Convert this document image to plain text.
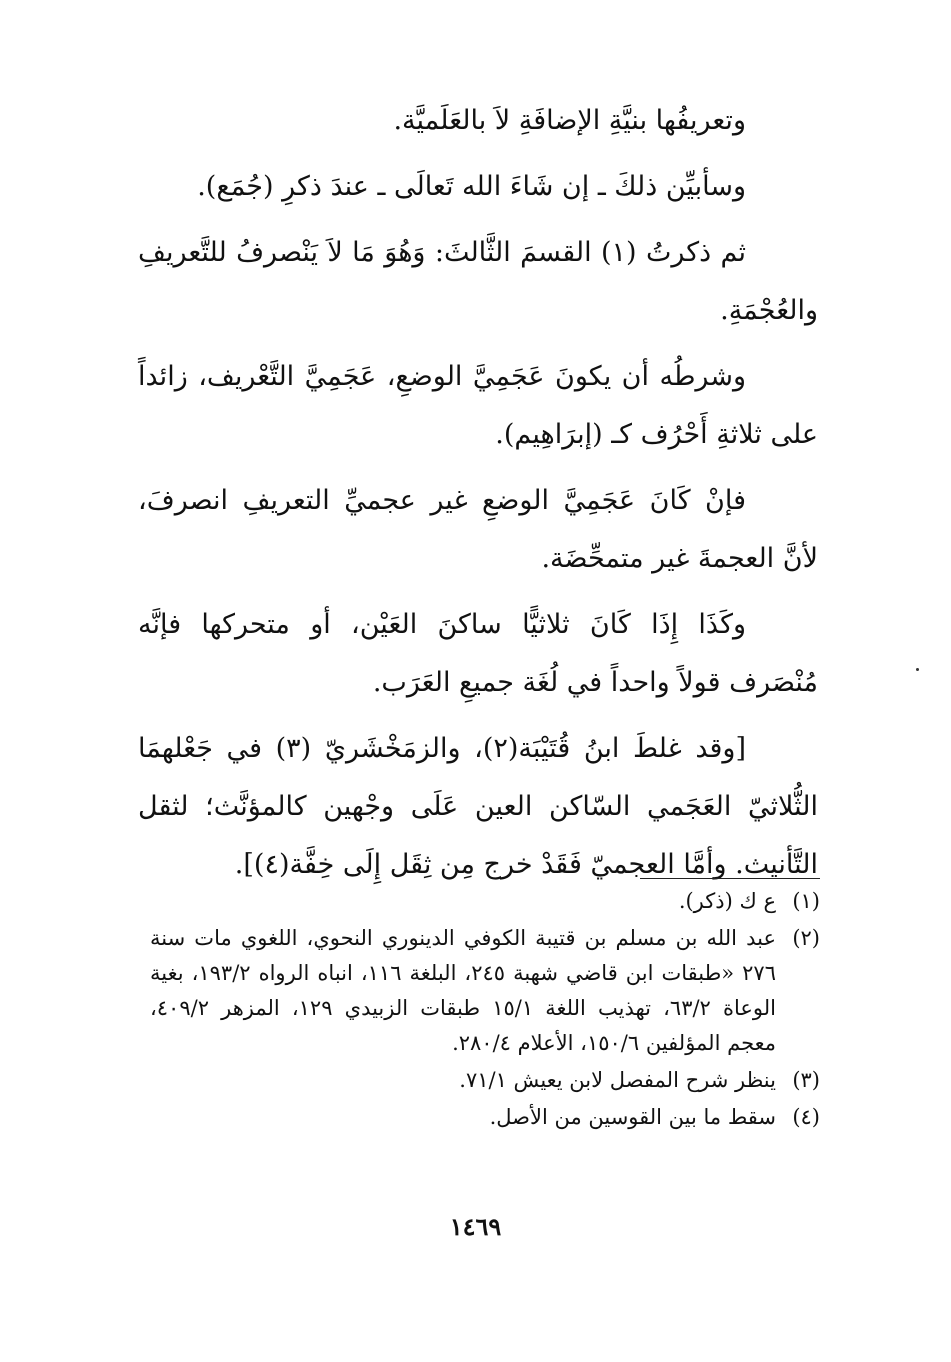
وتعريفُها بنيَّةِ الإضافَةِ لاَ بالعَلَميَّة.

وسأبيِّن ذلكَ ـ إن شَاءَ الله تَعالَى ـ عندَ ذكرِ (جُمَع).

ثم ذكرتُ (١) القسمَ الثَّالثَ: وَهُوَ مَا لاَ يَنْصرفُ للتَّعريفِ والعُجْمَةِ.

وشرطُه أن يكونَ عَجَمِيَّ الوضعِ، عَجَمِيَّ التَّعْريف، زائداً على ثلاثةِ أَحْرُف كـ (إبرَاهِيم).

فإنْ كَانَ عَجَمِيَّ الوضعِ غير عجميِّ التعريفِ انصرفَ، لأنَّ العجمةَ غير متمحِّضَة.

وكَذَا إِذَا كَانَ ثلاثيًّا ساكنَ العَيْن، أو متحركها فإنَّه مُنْصَرف قولاً واحداً في لُغَة جميعِ العَرَب.

[وقد غلطَ ابنُ قُتَيْبَة(٢)، والزمَخْشَريّ (٣) في جَعْلهمَا الثُّلاثيّ العَجَمي السّاكن العين عَلَى وجْهين كالمؤنَّث؛ لثقل التَّأنيث. وأمَّا العجميّ فَقَدْ خرج مِن ثِقَل إِلَى خِفَّة(٤)].

(١)
ع ك (ذكر).
(٢)
عبد الله بن مسلم بن قتيبة الكوفي الدينوري النحوي، اللغوي مات سنة ٢٧٦ «طبقات ابن قاضي شهبة ٢٤٥، البلغة ١١٦، انباه الرواه ١٩٣/٢، بغية الوعاة ٦٣/٢، تهذيب اللغة ١٥/١ طبقات الزبيدي ١٢٩، المزهر ٤٠٩/٢، معجم المؤلفين ١٥٠/٦، الأعلام ٢٨٠/٤.
(٣)
ينظر شرح المفصل لابن يعيش ٧١/١.
(٤)
سقط ما بين القوسين من الأصل.
١٤٦٩
